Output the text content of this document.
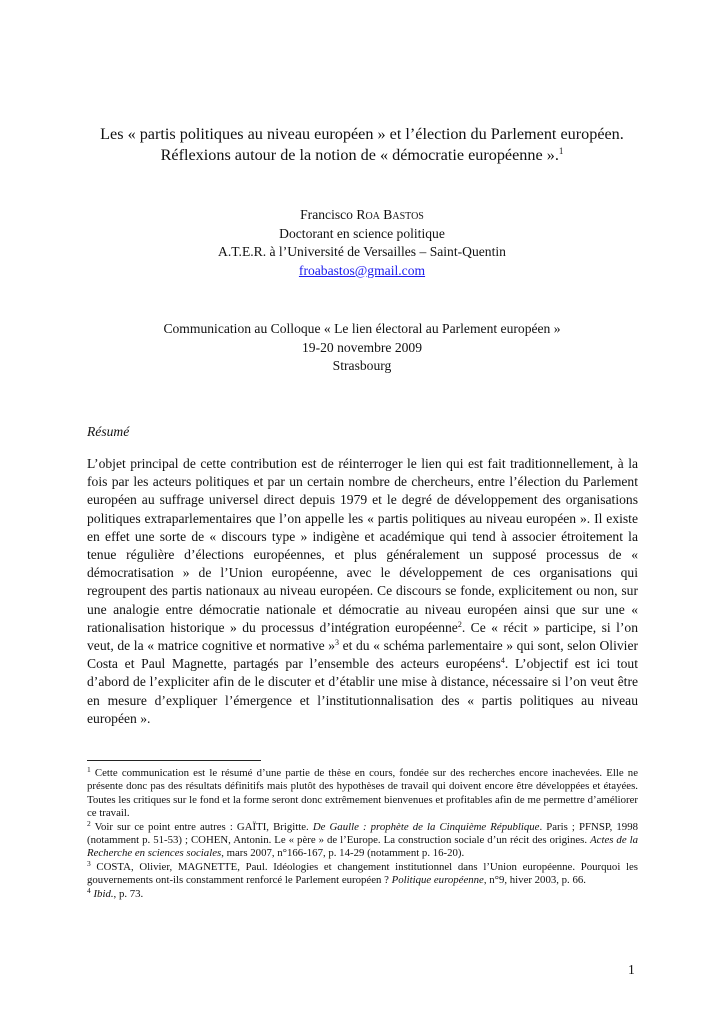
Les « partis politiques au niveau européen » et l’élection du Parlement européen.
Réflexions autour de la notion de « démocratie européenne ».$^1$
Francisco Roa Bastos
Doctorant en science politique
A.T.E.R. à l’Université de Versailles – Saint-Quentin
froabastos@gmail.com
Communication au Colloque « Le lien électoral au Parlement européen »
19-20 novembre 2009
Strasbourg
Résumé
L’objet principal de cette contribution est de réinterroger le lien qui est fait traditionnellement, à la fois par les acteurs politiques et par un certain nombre de chercheurs, entre l’élection du Parlement européen au suffrage universel direct depuis 1979 et le degré de développement des organisations politiques extraparlementaires que l’on appelle les « partis politiques au niveau européen ». Il existe en effet une sorte de « discours type » indigène et académique qui tend à associer étroitement la tenue régulière d’élections européennes, et plus généralement un supposé processus de « démocratisation » de l’Union européenne, avec le développement de ces organisations qui regroupent des partis nationaux au niveau européen. Ce discours se fonde, explicitement ou non, sur une analogie entre démocratie nationale et démocratie au niveau européen ainsi que sur une « rationalisation historique » du processus d’intégration européenne$^2$. Ce « récit » participe, si l’on veut, de la « matrice cognitive et normative »$^3$ et du « schéma parlementaire » qui sont, selon Olivier Costa et Paul Magnette, partagés par l’ensemble des acteurs européens$^4$. L’objectif est ici tout d’abord de l’expliciter afin de le discuter et d’établir une mise à distance, nécessaire si l’on veut être en mesure d’expliquer l’émergence et l’institutionnalisation des « partis politiques au niveau européen ».

$^1$ Cette communication est le résumé d’une partie de thèse en cours, fondée sur des recherches encore inachevées. Elle ne présente donc pas des résultats définitifs mais plutôt des hypothèses de travail qui doivent encore être développées et étayées. Toutes les critiques sur le fond et la forme seront donc extrêmement bienvenues et profitables afin de me permettre d’améliorer ce travail.

$^2$ Voir sur ce point entre autres : GAÏTI, Brigitte. De Gaulle : prophète de la Cinquième République. Paris ; PFNSP, 1998 (notamment p. 51-53) ; COHEN, Antonin. Le « père » de l’Europe. La construction sociale d’un récit des origines. Actes de la Recherche en sciences sociales, mars 2007, n°166-167, p. 14-29 (notamment p. 16-20).

$^3$ COSTA, Olivier, MAGNETTE, Paul. Idéologies et changement institutionnel dans l’Union européenne. Pourquoi les gouvernements ont-ils constamment renforcé le Parlement européen ? Politique européenne, n°9, hiver 2003, p. 66.

$^4$ Ibid., p. 73.

1
